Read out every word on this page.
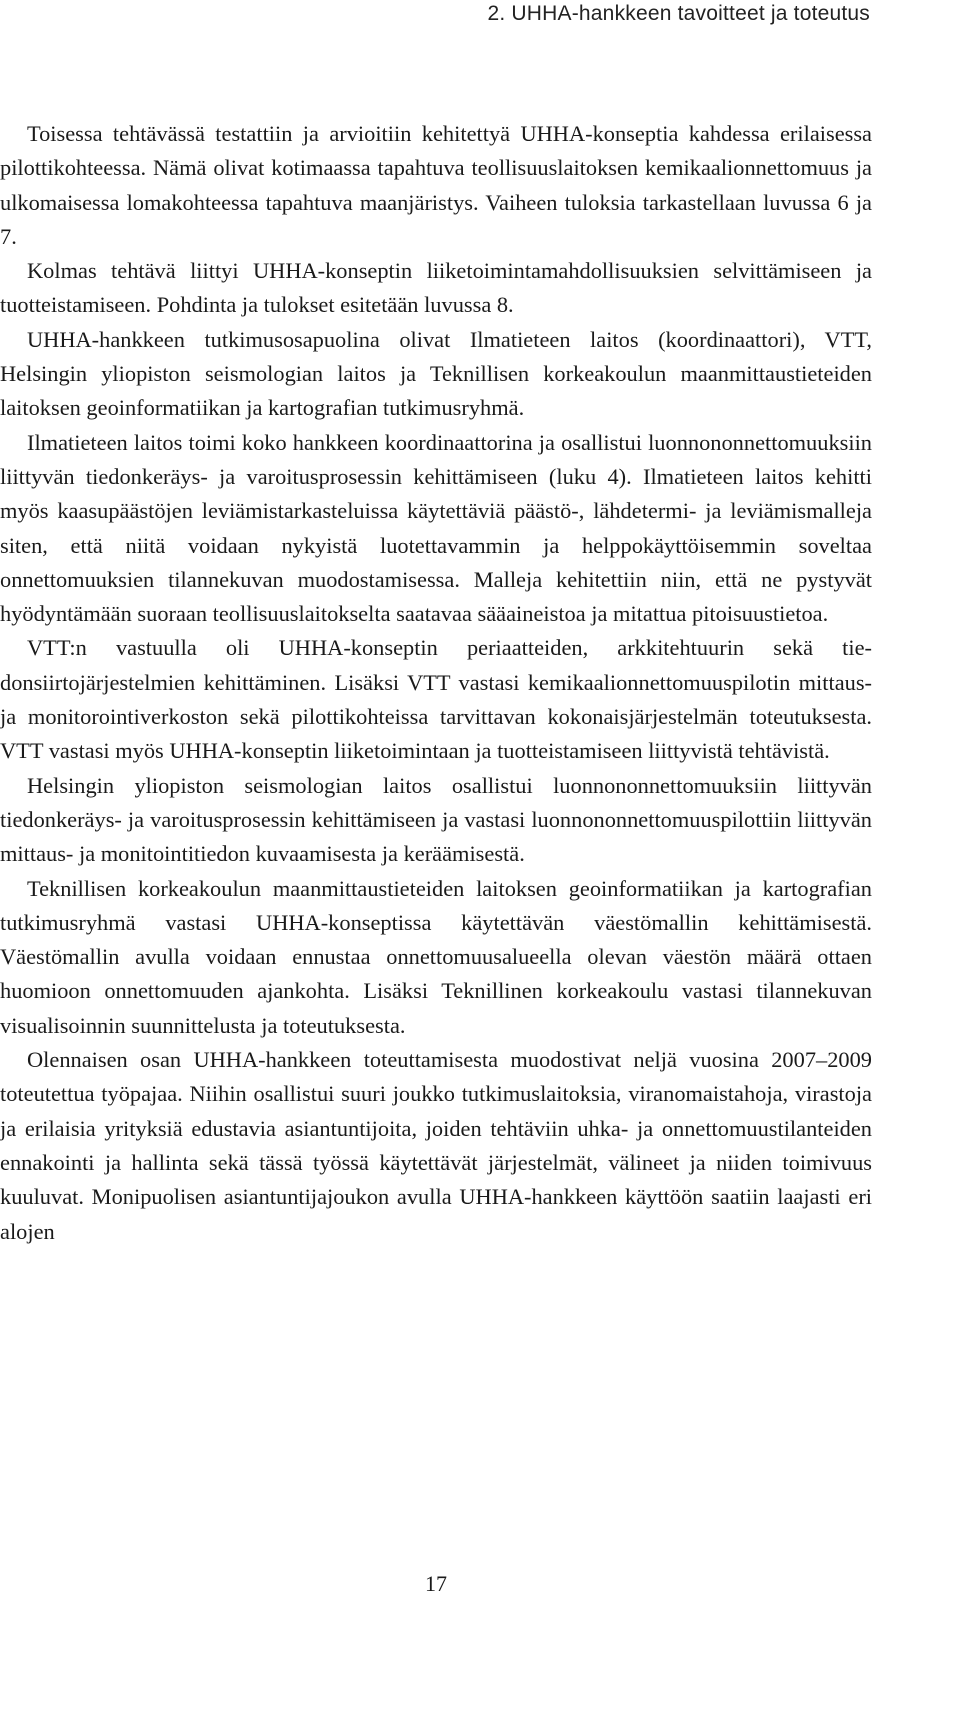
2. UHHA-hankkeen tavoitteet ja toteutus

Toisessa tehtävässä testattiin ja arvioitiin kehitettyä UHHA-konseptia kahdessa erilaisessa pilottikohteessa. Nämä olivat kotimaassa tapahtuva teollisuuslaitoksen kemikaalionnettomuus ja ulkomaisessa lomakohteessa tapahtuva maanjäristys. Vaiheen tuloksia tarkastellaan luvussa 6 ja 7.

Kolmas tehtävä liittyi UHHA-konseptin liiketoimintamahdollisuuksien selvittämiseen ja tuotteistamiseen. Pohdinta ja tulokset esitetään luvussa 8.

UHHA-hankkeen tutkimusosapuolina olivat Ilmatieteen laitos (koordinaattori), VTT, Helsingin yliopiston seismologian laitos ja Teknillisen korkeakoulun maanmittaustieteiden laitoksen geoinformatiikan ja kartografian tutkimusryhmä.

Ilmatieteen laitos toimi koko hankkeen koordinaattorina ja osallistui luonnononnettomuuksiin liittyvän tiedonkeräys- ja varoitusprosessin kehittämiseen (luku 4). Ilmatieteen laitos kehitti myös kaasupäästöjen leviämistarkasteluissa käytettäviä päästö-, lähdetermi- ja leviämismalleja siten, että niitä voidaan nykyistä luotettavammin ja helppokäyttöisemmin soveltaa onnettomuuksien tilannekuvan muodostamisessa. Malleja kehitettiin niin, että ne pystyvät hyödyntämään suoraan teollisuuslaitokselta saatavaa sääaineistoa ja mitattua pitoisuustietoa.

VTT:n vastuulla oli UHHA-konseptin periaatteiden, arkkitehtuurin sekä tiedonsiirtojärjestelmien kehittäminen. Lisäksi VTT vastasi kemikaalionnettomuuspilotin mittaus- ja monitorointiverkoston sekä pilottikohteissa tarvittavan kokonaisjärjestelmän toteutuksesta. VTT vastasi myös UHHA-konseptin liiketoimintaan ja tuotteistamiseen liittyvistä tehtävistä.

Helsingin yliopiston seismologian laitos osallistui luonnononnettomuuksiin liittyvän tiedonkeräys- ja varoitusprosessin kehittämiseen ja vastasi luonnononnettomuuspilottiin liittyvän mittaus- ja monitointitiedon kuvaamisesta ja keräämisestä.

Teknillisen korkeakoulun maanmittaustieteiden laitoksen geoinformatiikan ja kartografian tutkimusryhmä vastasi UHHA-konseptissa käytettävän väestömallin kehittämisestä. Väestömallin avulla voidaan ennustaa onnettomuusalueella olevan väestön määrä ottaen huomioon onnettomuuden ajankohta. Lisäksi Teknillinen korkeakoulu vastasi tilannekuvan visualisoinnin suunnittelusta ja toteutuksesta.

Olennaisen osan UHHA-hankkeen toteuttamisesta muodostivat neljä vuosina 2007–2009 toteutettua työpajaa. Niihin osallistui suuri joukko tutkimuslaitoksia, viranomaistahoja, virastoja ja erilaisia yrityksiä edustavia asiantuntijoita, joiden tehtäviin uhka- ja onnettomuustilanteiden ennakointi ja hallinta sekä tässä työssä käytettävät järjestelmät, välineet ja niiden toimivuus kuuluvat. Monipuolisen asiantuntijajoukon avulla UHHA-hankkeen käyttöön saatiin laajasti eri alojen

17
